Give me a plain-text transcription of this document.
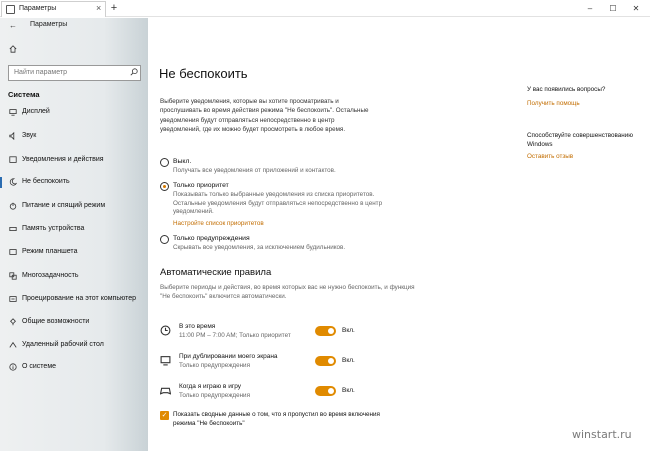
Параметры	× +	–	☐	✕
← Параметры
Найти параметр
Система
Дисплей
Звук
Уведомления и действия
Не беспокоить
Питание и спящий режим
Память устройства
Режим планшета
Многозадачность
Проецирование на этот компьютер
Общие возможности
Удаленный рабочий стол
О системе
Не беспокоить
Выберите уведомления, которые вы хотите просматривать и прослушивать во время действия режима "Не беспокоить". Остальные уведомления будут отправляться непосредственно в центр уведомлений, где их можно будет просмотреть в любое время.
Выкл.
Получать все уведомления от приложений и контактов.
Только приоритет
Показывать только выбранные уведомления из списка приоритетов. Остальные уведомления будут отправляться непосредственно в центр уведомлений.
Настройте список приоритетов
Только предупреждения
Скрывать все уведомления, за исключением будильников.
Автоматические правила
Выберите периоды и действия, во время которых вас не нужно беспокоить, и функция "Не беспокоить" включится автоматически.
В это время
11:00 PM – 7:00 AM; Только приоритет
Вкл.
При дублировании моего экрана
Только предупреждения
Вкл.
Когда я играю в игру
Только предупреждения
Вкл.
✓ Показать сводные данные о том, что я пропустил во время включения режима "Не беспокоить"
У вас появились вопросы?
Получить помощь
Способствуйте совершенствованию Windows
Оставить отзыв
winstart.ru
